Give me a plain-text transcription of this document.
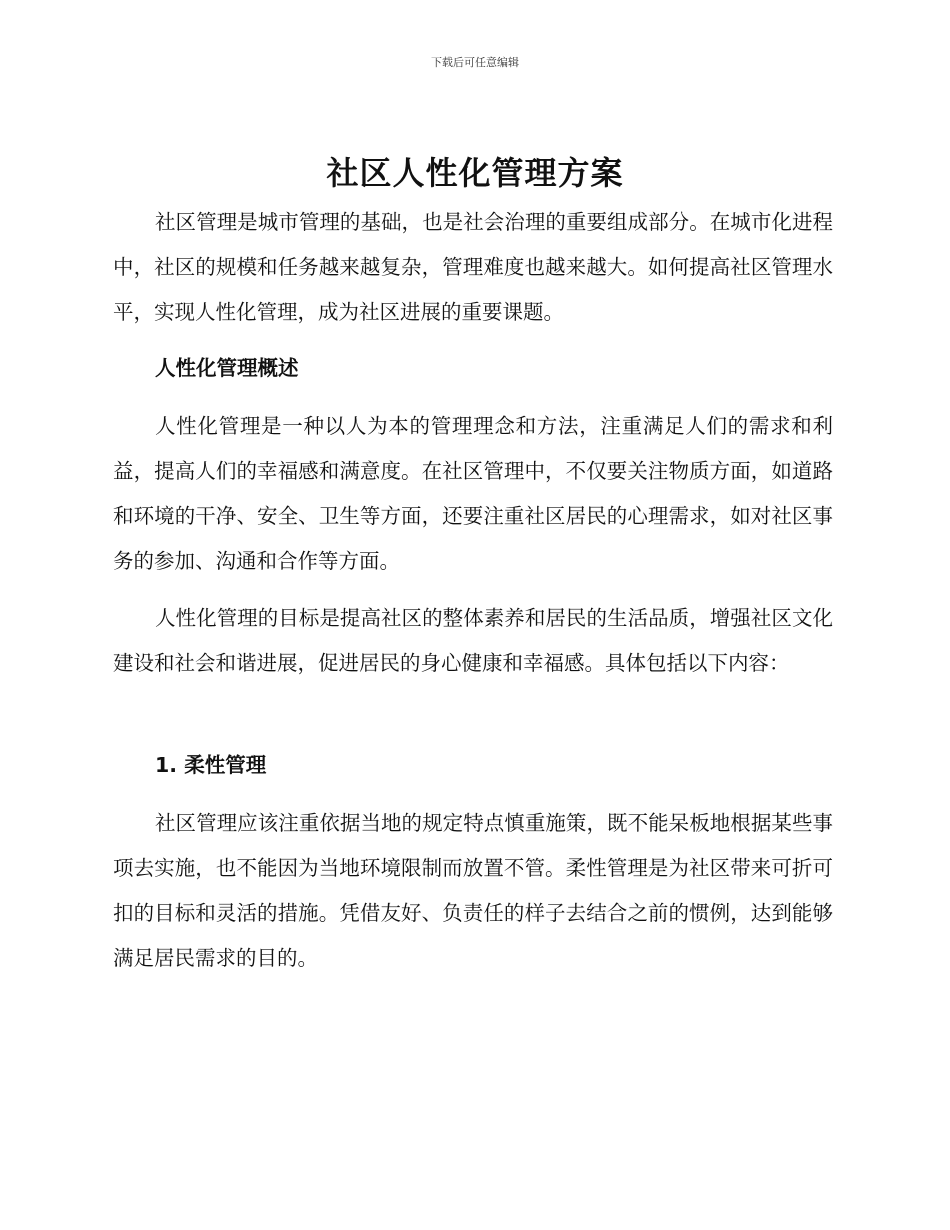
下载后可任意编辑
社区人性化管理方案
社区管理是城市管理的基础，也是社会治理的重要组成部分。在城市化进程中，社区的规模和任务越来越复杂，管理难度也越来越大。如何提高社区管理水平，实现人性化管理，成为社区进展的重要课题。
人性化管理概述
人性化管理是一种以人为本的管理理念和方法，注重满足人们的需求和利益，提高人们的幸福感和满意度。在社区管理中，不仅要关注物质方面，如道路和环境的干净、安全、卫生等方面，还要注重社区居民的心理需求，如对社区事务的参加、沟通和合作等方面。
人性化管理的目标是提高社区的整体素养和居民的生活品质，增强社区文化建设和社会和谐进展，促进居民的身心健康和幸福感。具体包括以下内容：
1. 柔性管理
社区管理应该注重依据当地的规定特点慎重施策，既不能呆板地根据某些事项去实施，也不能因为当地环境限制而放置不管。柔性管理是为社区带来可折可扣的目标和灵活的措施。凭借友好、负责任的样子去结合之前的惯例，达到能够满足居民需求的目的。
